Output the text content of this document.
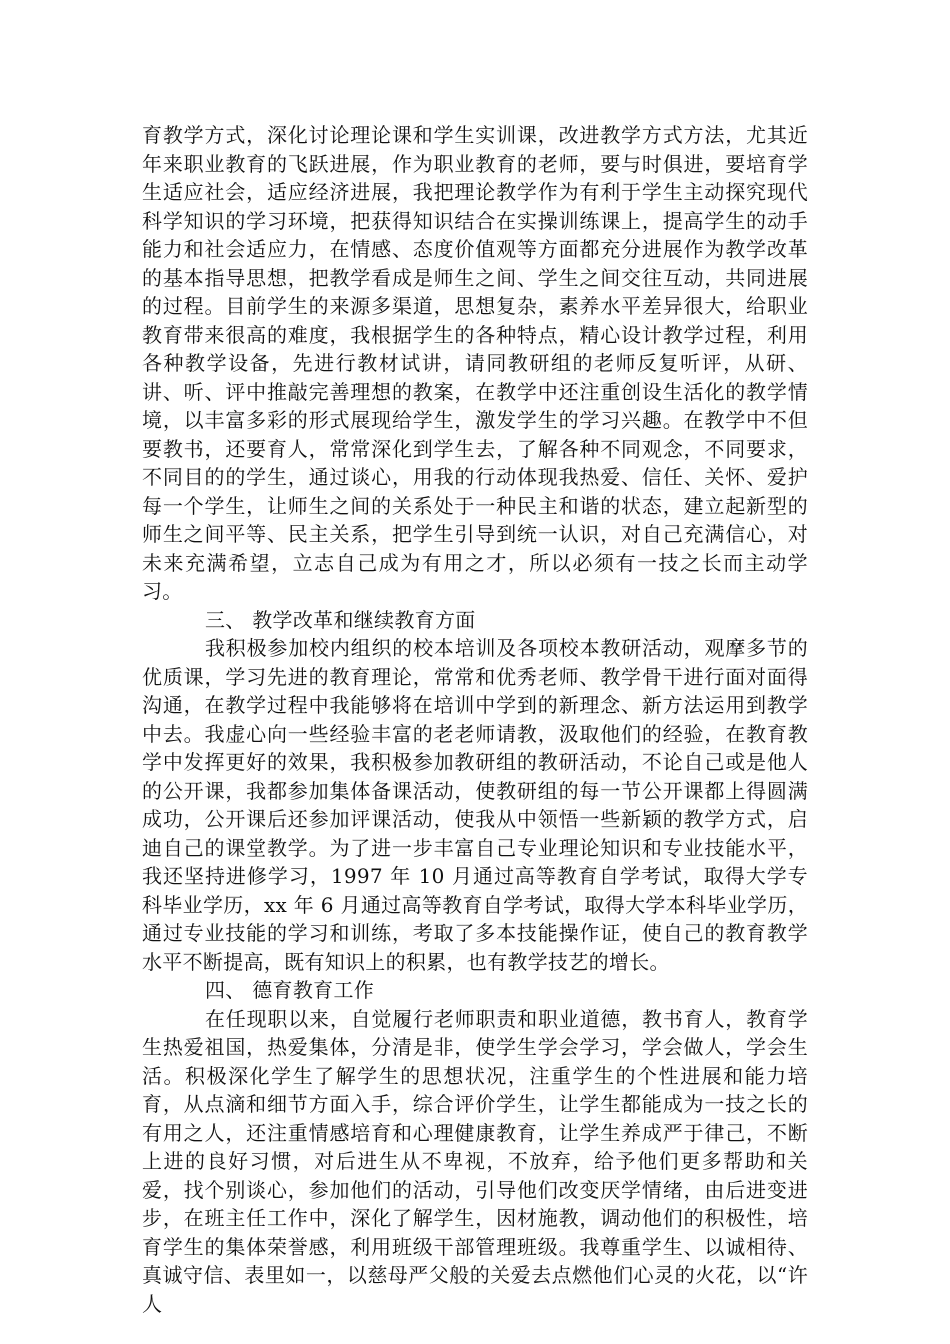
育教学方式，深化讨论理论课和学生实训课，改进教学方式方法，尤其近年来职业教育的飞跃进展，作为职业教育的老师，要与时俱进，要培育学生适应社会，适应经济进展，我把理论教学作为有利于学生主动探究现代科学知识的学习环境，把获得知识结合在实操训练课上，提高学生的动手能力和社会适应力，在情感、态度价值观等方面都充分进展作为教学改革的基本指导思想，把教学看成是师生之间、学生之间交往互动，共同进展的过程。目前学生的来源多渠道，思想复杂，素养水平差异很大，给职业教育带来很高的难度，我根据学生的各种特点，精心设计教学过程，利用各种教学设备，先进行教材试讲，请同教研组的老师反复听评，从研、讲、听、评中推敲完善理想的教案，在教学中还注重创设生活化的教学情境，以丰富多彩的形式展现给学生，激发学生的学习兴趣。在教学中不但要教书，还要育人，常常深化到学生去，了解各种不同观念，不同要求，不同目的的学生，通过谈心，用我的行动体现我热爱、信任、关怀、爱护每一个学生，让师生之间的关系处于一种民主和谐的状态，建立起新型的师生之间平等、民主关系，把学生引导到统一认识，对自己充满信心，对未来充满希望，立志自己成为有用之才，所以必须有一技之长而主动学习。

三、 教学改革和继续教育方面

我积极参加校内组织的校本培训及各项校本教研活动，观摩多节的优质课，学习先进的教育理论，常常和优秀老师、教学骨干进行面对面得沟通，在教学过程中我能够将在培训中学到的新理念、新方法运用到教学中去。我虚心向一些经验丰富的老老师请教，汲取他们的经验，在教育教学中发挥更好的效果，我积极参加教研组的教研活动，不论自己或是他人的公开课，我都参加集体备课活动，使教研组的每一节公开课都上得圆满成功，公开课后还参加评课活动，使我从中领悟一些新颖的教学方式，启迪自己的课堂教学。为了进一步丰富自己专业理论知识和专业技能水平，我还坚持进修学习，1997 年 10 月通过高等教育自学考试，取得大学专科毕业学历，xx 年 6 月通过高等教育自学考试，取得大学本科毕业学历，通过专业技能的学习和训练，考取了多本技能操作证，使自己的教育教学水平不断提高，既有知识上的积累，也有教学技艺的增长。

四、 德育教育工作

在任现职以来，自觉履行老师职责和职业道德，教书育人，教育学生热爱祖国，热爱集体，分清是非，使学生学会学习，学会做人，学会生活。积极深化学生了解学生的思想状况，注重学生的个性进展和能力培育，从点滴和细节方面入手，综合评价学生，让学生都能成为一技之长的有用之人，还注重情感培育和心理健康教育，让学生养成严于律己，不断上进的良好习惯，对后进生从不卑视，不放弃，给予他们更多帮助和关爱，找个别谈心，参加他们的活动，引导他们改变厌学情绪，由后进变进步，在班主任工作中，深化了解学生，因材施教，调动他们的积极性，培育学生的集体荣誉感，利用班级干部管理班级。我尊重学生、以诚相待、真诚守信、表里如一，以慈母严父般的关爱去点燃他们心灵的火花，以“许人
